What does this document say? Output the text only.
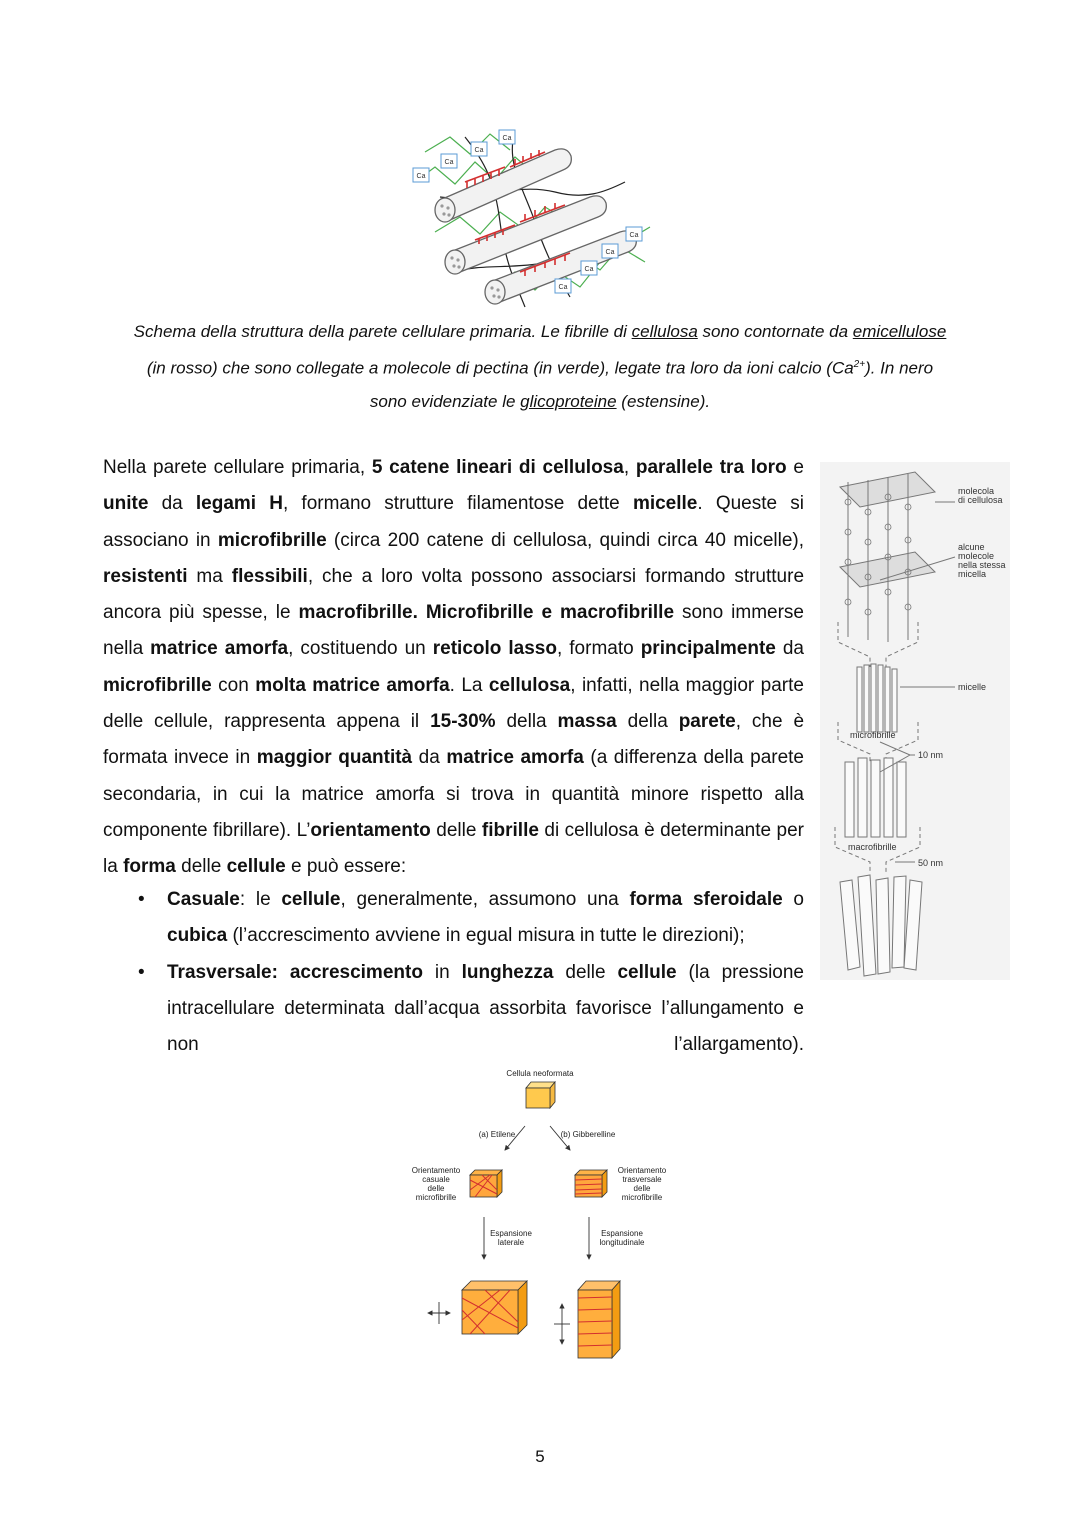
Ca
Ca
Ca
Ca
Ca
Ca
Ca
Ca
Schema della struttura della parete cellulare primaria. Le fibrille di cellulosa sono contornate da emicellulose
(in rosso) che sono collegate a molecole di pectina (in verde), legate tra loro da ioni calcio $(Ca^{2+})$. In nero
sono evidenziate le glicoproteine (estensine).
Nella parete cellulare primaria, 5 catene lineari di cellulosa, parallele tra loro e unite da legami H, formano strutture filamentose dette micelle. Queste si associano in microfibrille (circa 200 catene di cellulosa, quindi circa 40 micelle), resistenti ma flessibili, che a loro volta possono associarsi formando strutture ancora più spesse, le macrofibrille. Microfibrille e macrofibrille sono immerse nella matrice amorfa, costituendo un reticolo lasso, formato principalmente da microfibrille con molta matrice amorfa. La cellulosa, infatti, nella maggior parte delle cellule, rappresenta appena il 15-30% della massa della parete, che è formata invece in maggior quantità da matrice amorfa (a differenza della parete secondaria, in cui la matrice amorfa si trova in quantità minore rispetto alla componente fibrillare). L’orientamento delle fibrille di cellulosa è determinante per la forma delle cellule e può essere:
• Casuale: le cellule, generalmente, assumono una forma sferoidale o cubica (l’accrescimento avviene in egual misura in tutte le direzioni);
• Trasversale: accrescimento in lunghezza delle cellule (la pressione intracellulare determinata dall’acqua assorbita favorisce l’allungamento e non l’allargamento).
molecola
di cellulosa
alcune
molecole
nella stessa
micella
micelle
microfibrille
10 nm
macrofibrille
50 nm
Cellula neoformata
(a) Etilene	(b) Gibberelline
Orientamento
casuale
delle
microfibrille
Orientamento
trasversale
delle
microfibrille
Espansione
laterale
Espansione
longitudinale
5
